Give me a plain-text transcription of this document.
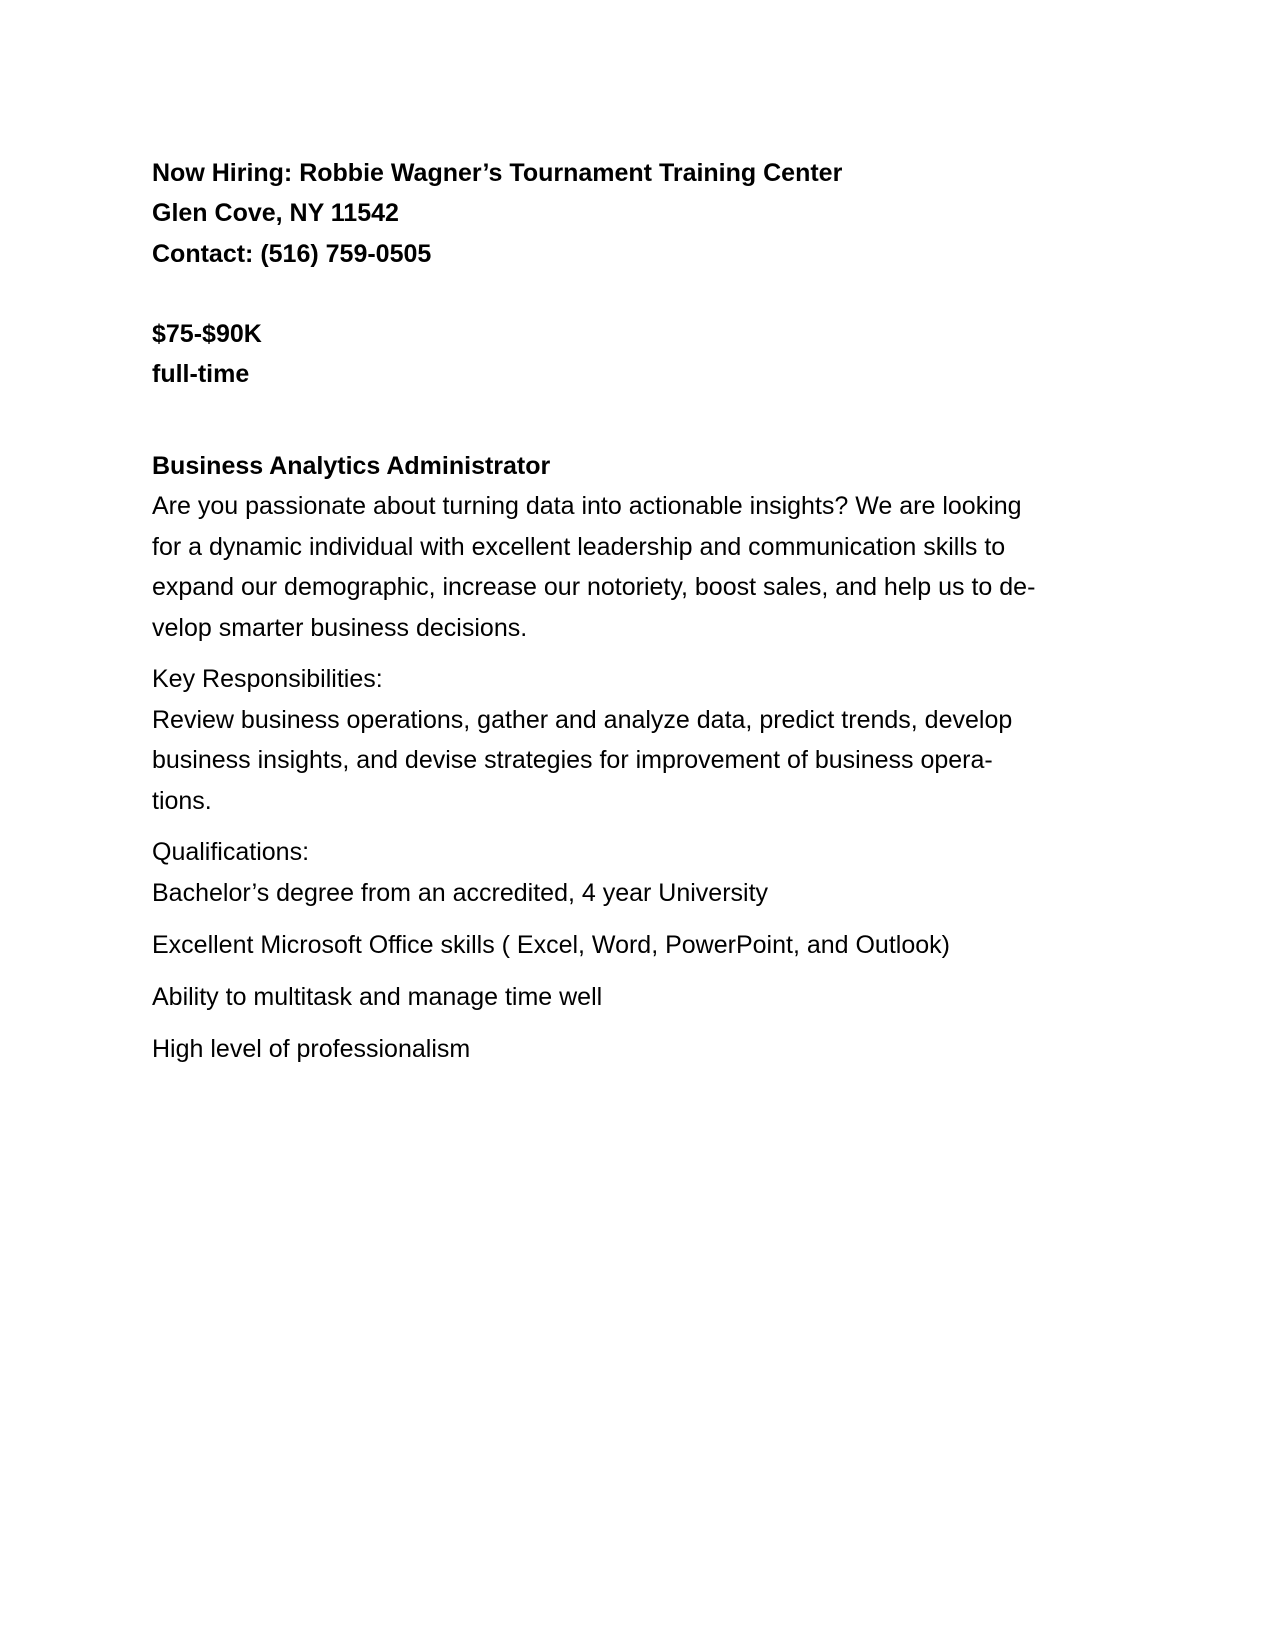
Now Hiring: Robbie Wagner’s Tournament Training Center
Glen Cove, NY 11542
Contact: (516) 759-0505
$75-$90K
full-time
Business Analytics Administrator
Are you passionate about turning data into actionable insights? We are looking
for a dynamic individual with excellent leadership and communication skills to
expand our demographic, increase our notoriety, boost sales, and help us to de-
velop smarter business decisions.
Key Responsibilities:
Review business operations, gather and analyze data, predict trends, develop
business insights, and devise strategies for improvement of business opera-
tions.
Qualifications:
Bachelor’s degree from an accredited, 4 year University
Excellent Microsoft Office skills ( Excel, Word, PowerPoint, and Outlook)
Ability to multitask and manage time well
High level of professionalism
